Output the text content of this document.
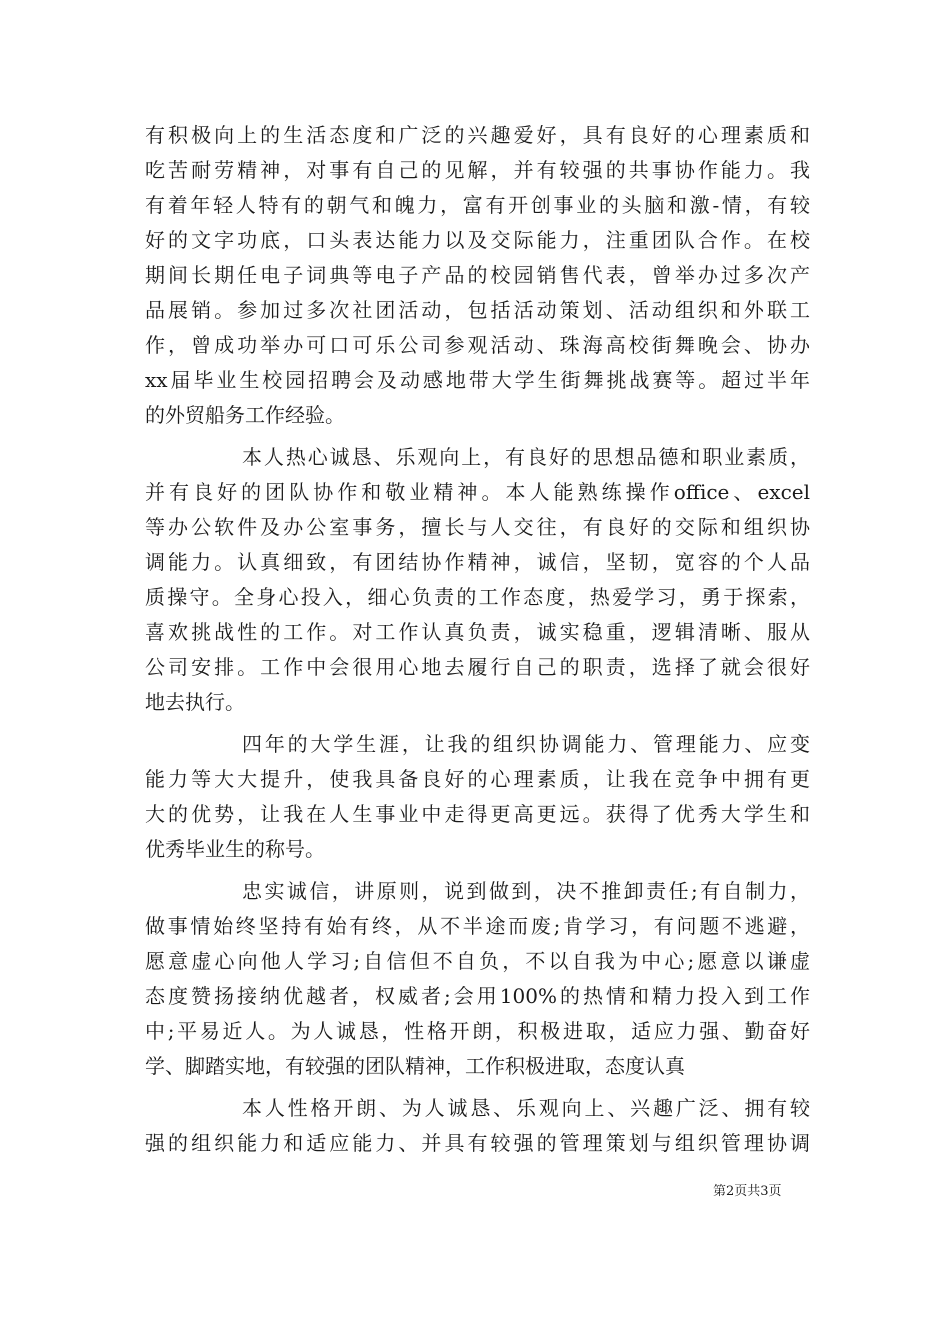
有积极向上的生活态度和广泛的兴趣爱好，具有良好的心理素质和
吃苦耐劳精神，对事有自己的见解，并有较强的共事协作能力。我
有着年轻人特有的朝气和魄力，富有开创事业的头脑和激-情，有较
好的文字功底，口头表达能力以及交际能力，注重团队合作。在校
期间长期任电子词典等电子产品的校园销售代表，曾举办过多次产
品展销。参加过多次社团活动，包括活动策划、活动组织和外联工
作，曾成功举办可口可乐公司参观活动、珠海高校街舞晚会、协办
xx届毕业生校园招聘会及动感地带大学生街舞挑战赛等。超过半年
的外贸船务工作经验。
本人热心诚恳、乐观向上，有良好的思想品德和职业素质，
并有良好的团队协作和敬业精神。本人能熟练操作office、excel
等办公软件及办公室事务，擅长与人交往，有良好的交际和组织协
调能力。认真细致，有团结协作精神，诚信，坚韧，宽容的个人品
质操守。全身心投入，细心负责的工作态度，热爱学习，勇于探索，
喜欢挑战性的工作。对工作认真负责，诚实稳重，逻辑清晰、服从
公司安排。工作中会很用心地去履行自己的职责，选择了就会很好
地去执行。
四年的大学生涯，让我的组织协调能力、管理能力、应变
能力等大大提升，使我具备良好的心理素质，让我在竞争中拥有更
大的优势，让我在人生事业中走得更高更远。获得了优秀大学生和
优秀毕业生的称号。
忠实诚信，讲原则，说到做到，决不推卸责任;有自制力，
做事情始终坚持有始有终，从不半途而废;肯学习，有问题不逃避，
愿意虚心向他人学习;自信但不自负，不以自我为中心;愿意以谦虚
态度赞扬接纳优越者，权威者;会用100%的热情和精力投入到工作
中;平易近人。为人诚恳，性格开朗，积极进取，适应力强、勤奋好
学、脚踏实地，有较强的团队精神，工作积极进取，态度认真
本人性格开朗、为人诚恳、乐观向上、兴趣广泛、拥有较
强的组织能力和适应能力、并具有较强的管理策划与组织管理协调
第2页共3页
